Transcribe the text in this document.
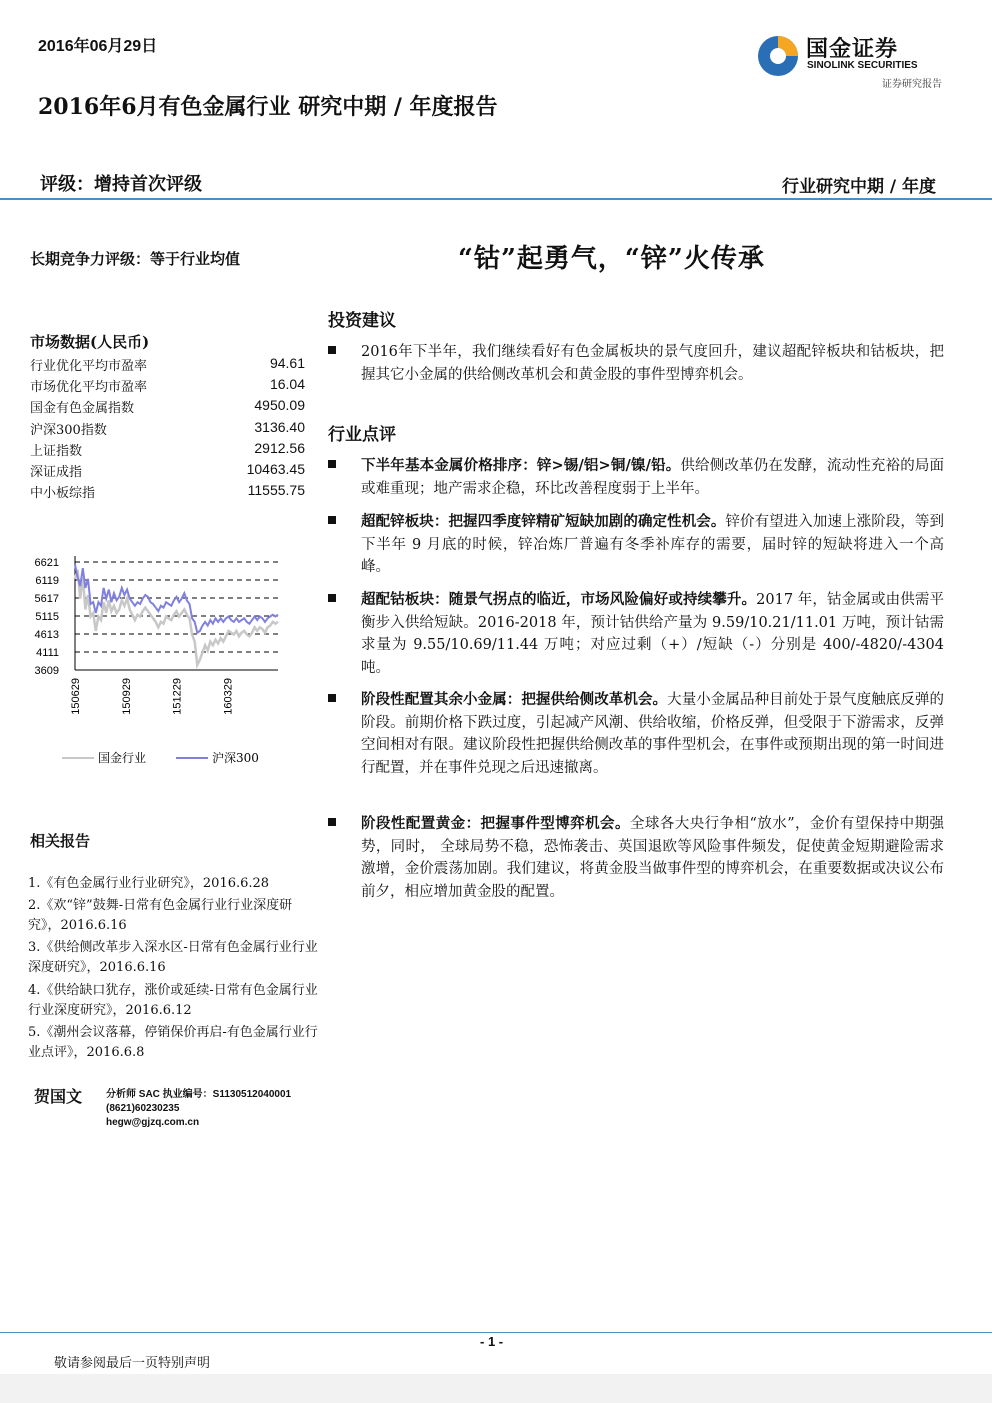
2016年06月29日	国金证券
SINOLINK SECURITIES
证券研究报告
2016年6月有色金属行业 研究中期 / 年度报告
评级：增持首次评级	行业研究中期 / 年度
长期竞争力评级：等于行业均值
市场数据(人民币)
行业优化平均市盈率	94.61
市场优化平均市盈率	16.04
国金有色金属指数	4950.09
沪深300指数	3136.40
上证指数	2912.56
深证成指	10463.45
中小板综指	11555.75
6621
6119
5617
5115
4613
4111
3609
150629	150929	151229	160329
国金行业	沪深300
相关报告
1.《有色金属行业行业研究》，2016.6.28
2.《欢“锌”鼓舞-日常有色金属行业行业深度研究》，2016.6.16
3.《供给侧改革步入深水区-日常有色金属行业行业深度研究》，2016.6.16
4.《供给缺口犹存，涨价或延续-日常有色金属行业行业深度研究》，2016.6.12
5.《潮州会议落幕，停销保价再启-有色金属行业行业点评》，2016.6.8
贺国文 分析师 SAC 执业编号：S1130512040001
(8621)60230235
hegw@gjzq.com.cn
“钴”起勇气，“锌”火传承
投资建议
2016年下半年，我们继续看好有色金属板块的景气度回升，建议超配锌板块和钴板块，把握其它小金属的供给侧改革机会和黄金股的事件型博弈机会。
行业点评
下半年基本金属价格排序：锌>锡/铝>铜/镍/铅。供给侧改革仍在发酵，流动性充裕的局面或难重现；地产需求企稳，环比改善程度弱于上半年。
超配锌板块：把握四季度锌精矿短缺加剧的确定性机会。锌价有望进入加速上涨阶段，等到下半年 9 月底的时候，锌冶炼厂普遍有冬季补库存的需要，届时锌的短缺将进入一个高峰。
超配钴板块：随景气拐点的临近，市场风险偏好或持续攀升。2017 年，钴金属或由供需平衡步入供给短缺。2016-2018 年，预计钴供给产量为 9.59/10.21/11.01 万吨，预计钴需求量为 9.55/10.69/11.44 万吨；对应过剩（+）/短缺（-）分别是 400/-4820/-4304 吨。
阶段性配置其余小金属：把握供给侧改革机会。大量小金属品种目前处于景气度触底反弹的阶段。前期价格下跌过度，引起减产风潮、供给收缩，价格反弹，但受限于下游需求，反弹空间相对有限。建议阶段性把握供给侧改革的事件型机会，在事件或预期出现的第一时间进行配置，并在事件兑现之后迅速撤离。
阶段性配置黄金：把握事件型博弈机会。全球各大央行争相“放水”，金价有望保持中期强势，同时， 全球局势不稳，恐怖袭击、英国退欧等风险事件频发，促使黄金短期避险需求激增，金价震荡加剧。我们建议，将黄金股当做事件型的博弈机会，在重要数据或决议公布前夕，相应增加黄金股的配置。
- 1 -
敬请参阅最后一页特别声明
